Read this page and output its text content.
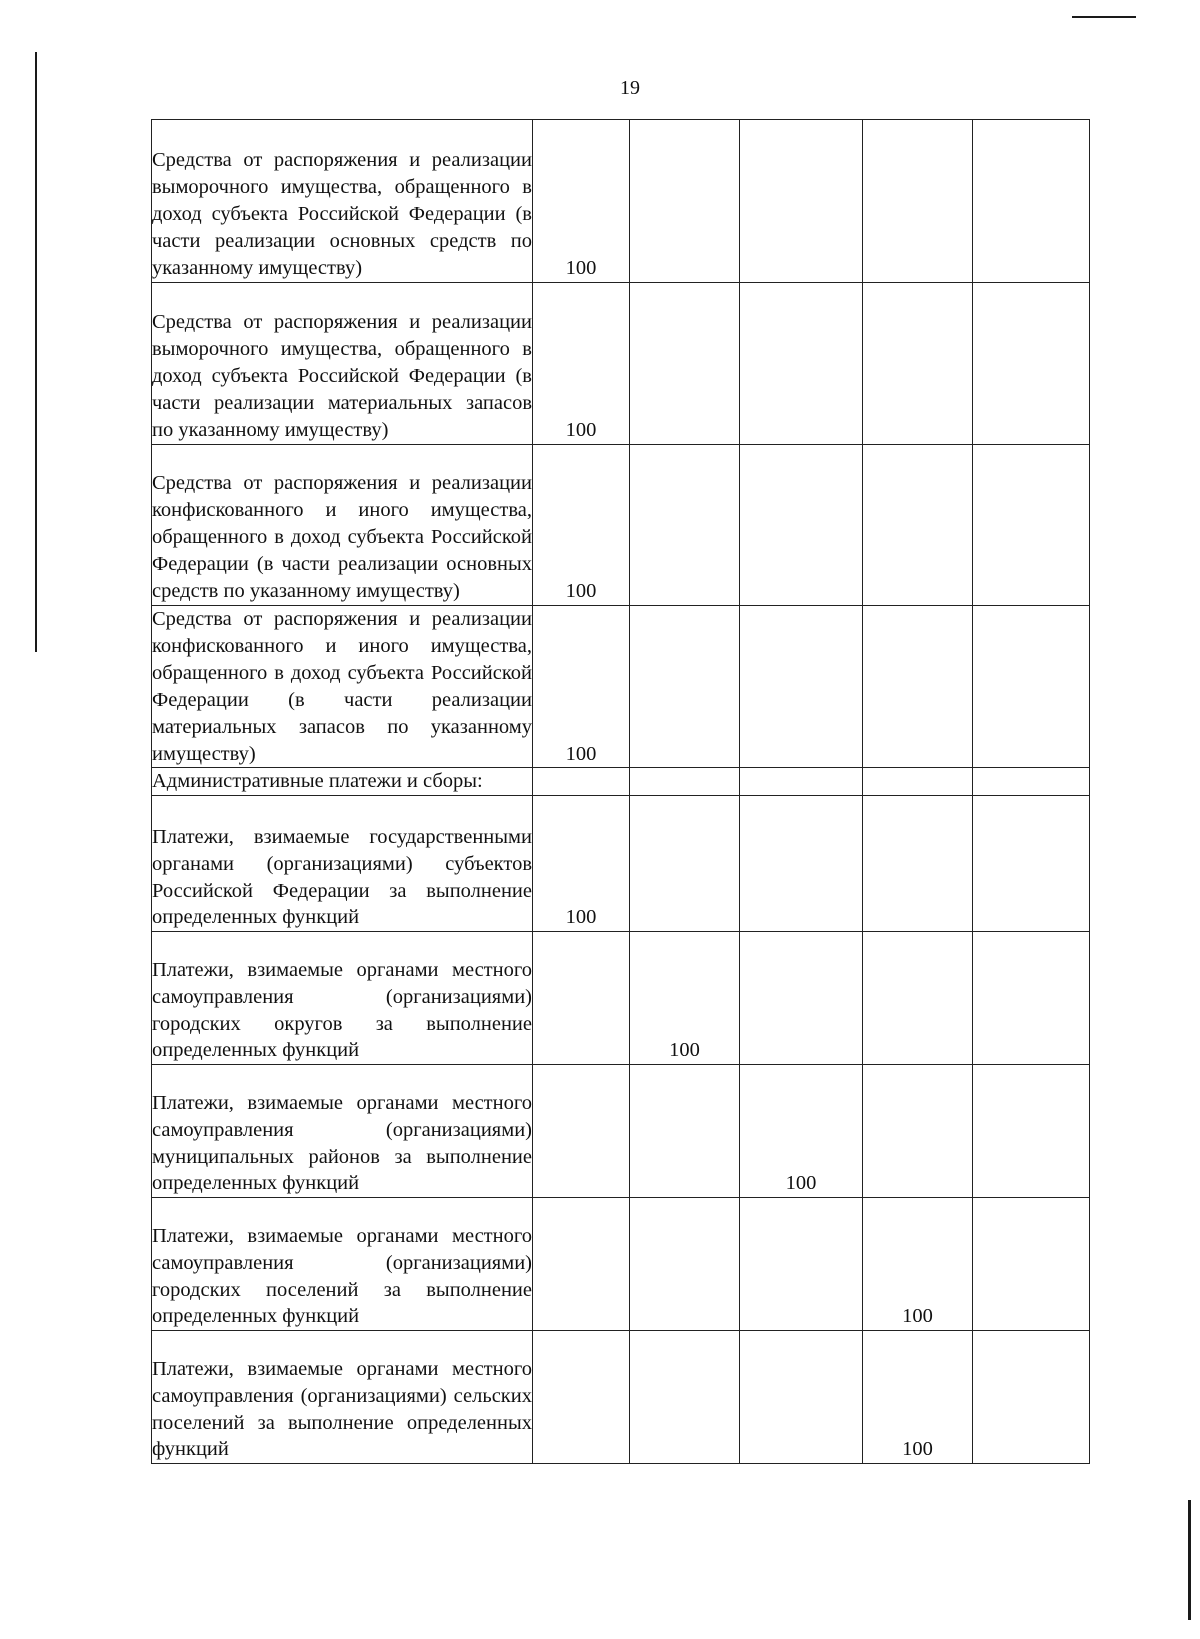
19
Средства от распоряжения и реализации выморочного имущества, обращенного в доход субъекта Российской Федерации (в части реализации основных средств по указанному имуществу)	100				
Средства от распоряжения и реализации выморочного имущества, обращенного в доход субъекта Российской Федерации (в части реализации материальных запасов по указанному имуществу)	100				
Средства от распоряжения и реализации конфискованного и иного имущества, обращенного в доход субъекта Российской Федерации (в части реализации основных средств по указанному имуществу)	100				
Средства от распоряжения и реализации конфискованного и иного имущества, обращенного в доход субъекта Российской Федерации (в части реализации материальных запасов по указанному имуществу)	100				
Административные платежи и сборы:					
Платежи, взимаемые государственными органами (организациями) субъектов Российской Федерации за выполнение определенных функций	100				
Платежи, взимаемые органами местного самоуправления (организациями) городских округов за выполнение определенных функций		100			
Платежи, взимаемые органами местного самоуправления (организациями) муниципальных районов за выполнение определенных функций			100		
Платежи, взимаемые органами местного самоуправления (организациями) городских поселений за выполнение определенных функций				100	
Платежи, взимаемые органами местного самоуправления (организациями) сельских поселений за выполнение определенных функций				100	
